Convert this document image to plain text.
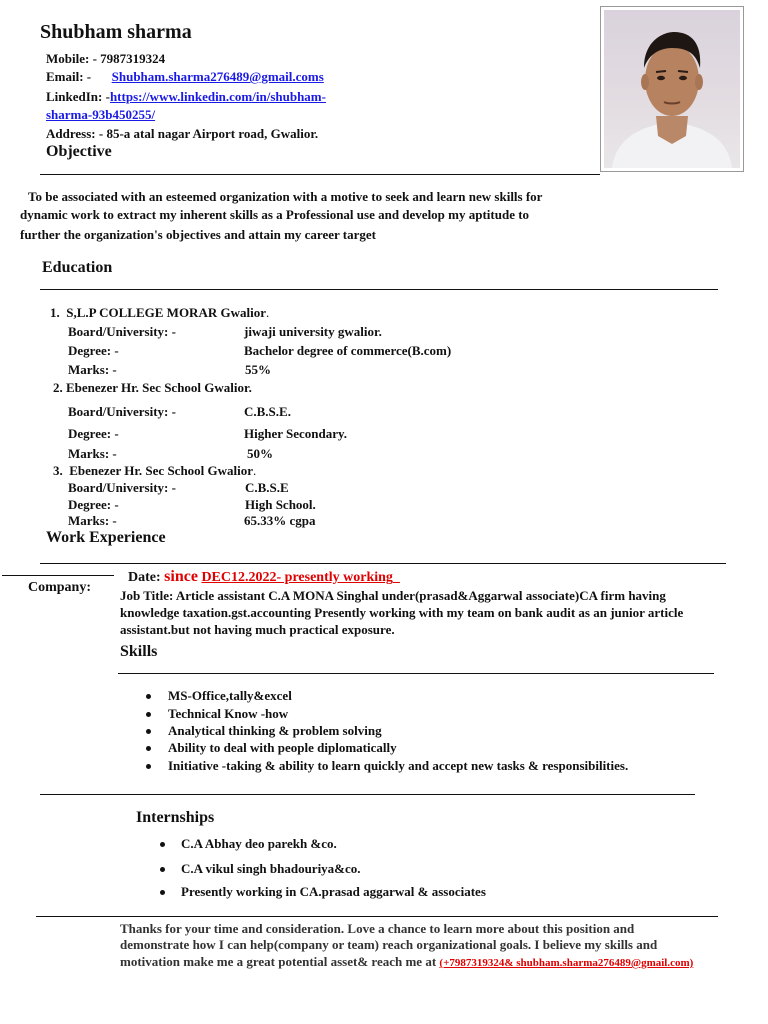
Shubham sharma
Mobile: - 7987319324
Email: - Shubham.sharma276489@gmail.coms
LinkedIn: -https://www.linkedin.com/in/shubham-
sharma-93b450255/
Address: - 85-a atal nagar Airport road, Gwalior.
Objective
To be associated with an esteemed organization with a motive to seek and learn new skills for
dynamic work to extract my inherent skills as a Professional use and develop my aptitude to
further the organization's objectives and attain my career target
Education
1. S,L.P COLLEGE MORAR Gwalior.
Board/University: -	jiwaji university gwalior.
Degree: -	Bachelor degree of commerce(B.com)
Marks: -	55%
2. Ebenezer Hr. Sec School Gwalior.
Board/University: -	C.B.S.E.
Degree: -	Higher Secondary.
Marks: -	50%
3. Ebenezer Hr. Sec School Gwalior.
Board/University: -	C.B.S.E
Degree: -	High School.
Marks: -	65.33% cgpa
Work Experience
Date: since DEC12.2022- presently working
Company:
Job Title: Article assistant C.A MONA Singhal under(prasad&Aggarwal associate)CA firm having
knowledge taxation.gst.accounting Presently working with my team on bank audit as an junior article
assistant.but not having much practical exposure.
Skills
MS-Office,tally&excel
Technical Know -how
Analytical thinking & problem solving
Ability to deal with people diplomatically
Initiative -taking & ability to learn quickly and accept new tasks & responsibilities.
Internships
C.A Abhay deo parekh &co.
C.A vikul singh bhadouriya&co.
Presently working in CA.prasad aggarwal & associates
Thanks for your time and consideration. Love a chance to learn more about this position and
demonstrate how I can help(company or team) reach organizational goals. I believe my skills and
motivation make me a great potential asset& reach me at (+7987319324& shubham.sharma276489@gmail.com)
